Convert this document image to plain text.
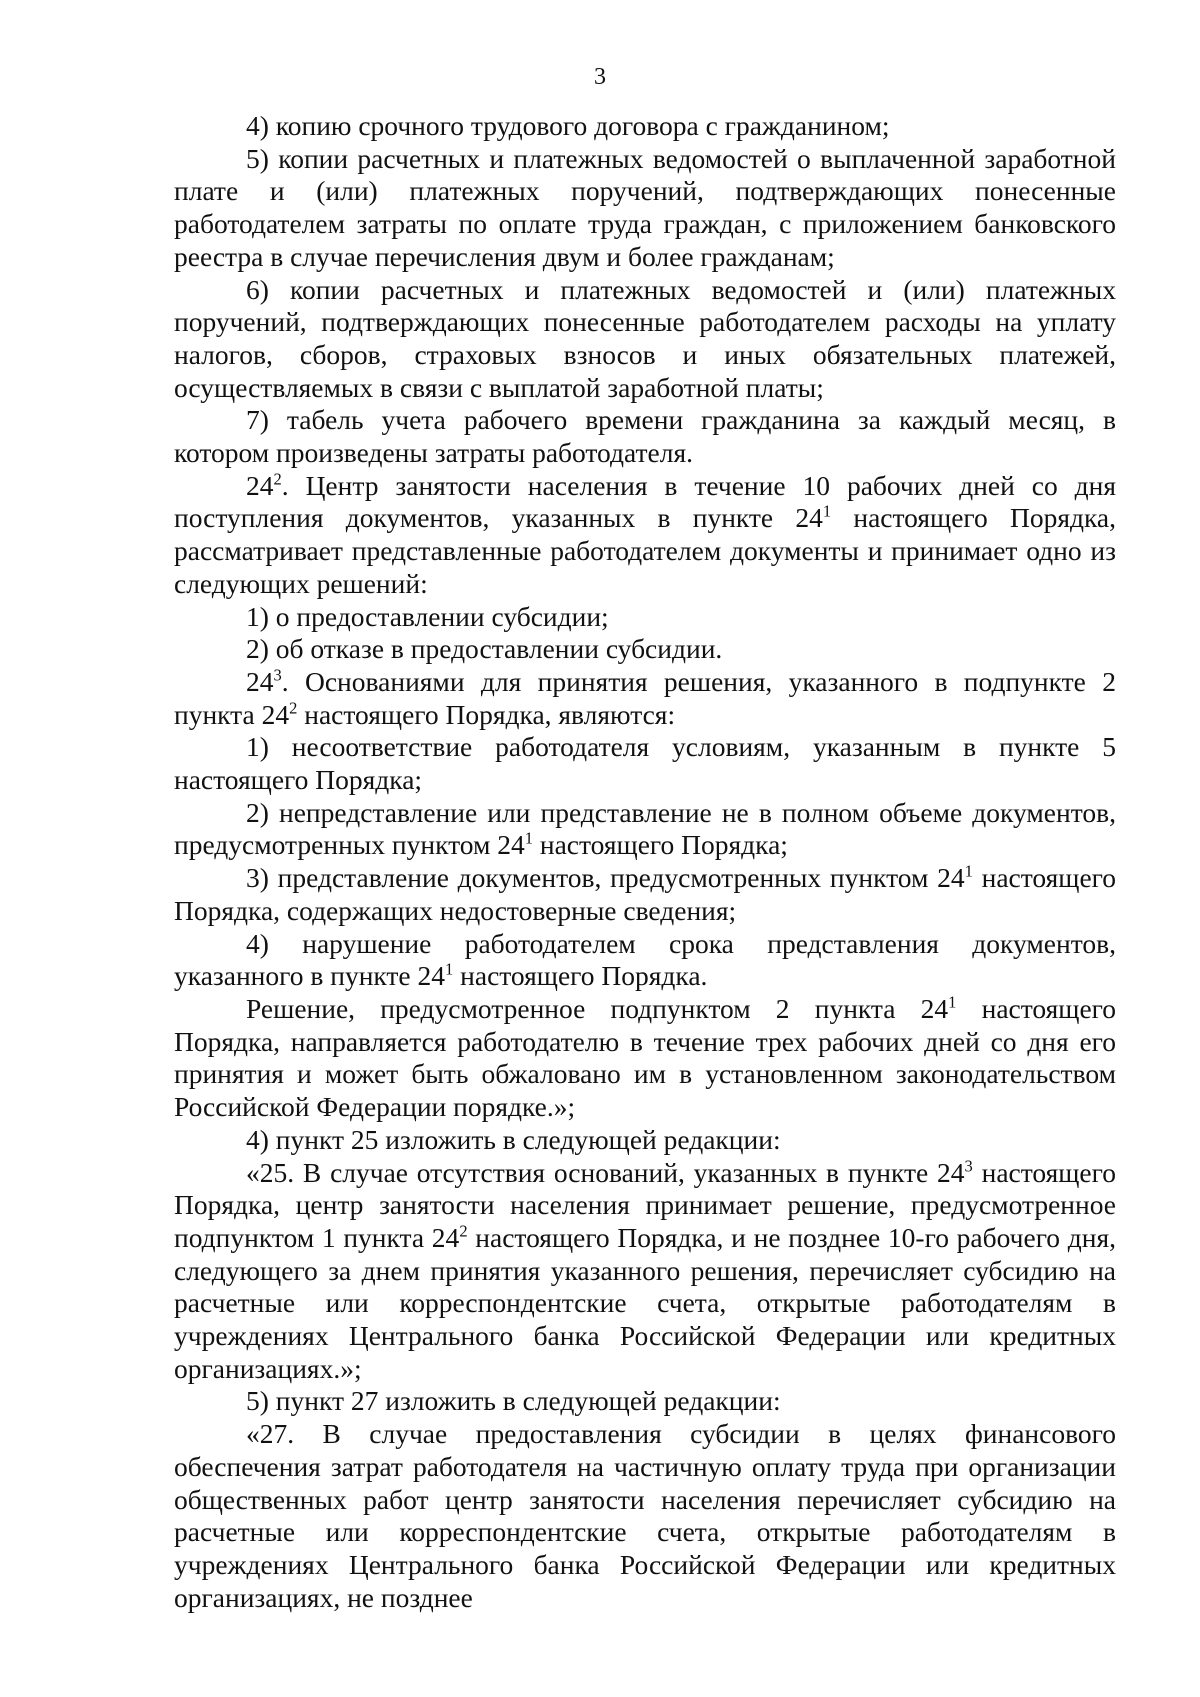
3

4) копию срочного трудового договора с гражданином;

5) копии расчетных и платежных ведомостей о выплаченной заработной плате и (или) платежных поручений, подтверждающих понесенные работодателем затраты по оплате труда граждан, с приложением банковского реестра в случае перечисления двум и более гражданам;

6) копии расчетных и платежных ведомостей и (или) платежных поручений, подтверждающих понесенные работодателем расходы на уплату налогов, сборов, страховых взносов и иных обязательных платежей, осуществляемых в связи с выплатой заработной платы;

7) табель учета рабочего времени гражданина за каждый месяц, в котором произведены затраты работодателя.

$24^2$. Центр занятости населения в течение 10 рабочих дней со дня поступления документов, указанных в пункте $24^1$ настоящего Порядка, рассматривает представленные работодателем документы и принимает одно из следующих решений:

1) о предоставлении субсидии;

2) об отказе в предоставлении субсидии.

$24^3$. Основаниями для принятия решения, указанного в подпункте 2 пункта $24^2$ настоящего Порядка, являются:

1) несоответствие работодателя условиям, указанным в пункте 5 настоящего Порядка;

2) непредставление или представление не в полном объеме документов, предусмотренных пунктом $24^1$ настоящего Порядка;

3) представление документов, предусмотренных пунктом $24^1$ настоящего Порядка, содержащих недостоверные сведения;

4) нарушение работодателем срока представления документов, указанного в пункте $24^1$ настоящего Порядка.

Решение, предусмотренное подпунктом 2 пункта $24^1$ настоящего Порядка, направляется работодателю в течение трех рабочих дней со дня его принятия и может быть обжаловано им в установленном законодательством Российской Федерации порядке.»;

4) пункт 25 изложить в следующей редакции:

«25. В случае отсутствия оснований, указанных в пункте $24^3$ настоящего Порядка, центр занятости населения принимает решение, предусмотренное подпунктом 1 пункта $24^2$ настоящего Порядка, и не позднее 10-го рабочего дня, следующего за днем принятия указанного решения, перечисляет субсидию на расчетные или корреспондентские счета, открытые работодателям в учреждениях Центрального банка Российской Федерации или кредитных организациях.»;

5) пункт 27 изложить в следующей редакции:

«27. В случае предоставления субсидии в целях финансового обеспечения затрат работодателя на частичную оплату труда при организации общественных работ центр занятости населения перечисляет субсидию на расчетные или корреспондентские счета, открытые работодателям в учреждениях Центрального банка Российской Федерации или кредитных организациях, не позднее
